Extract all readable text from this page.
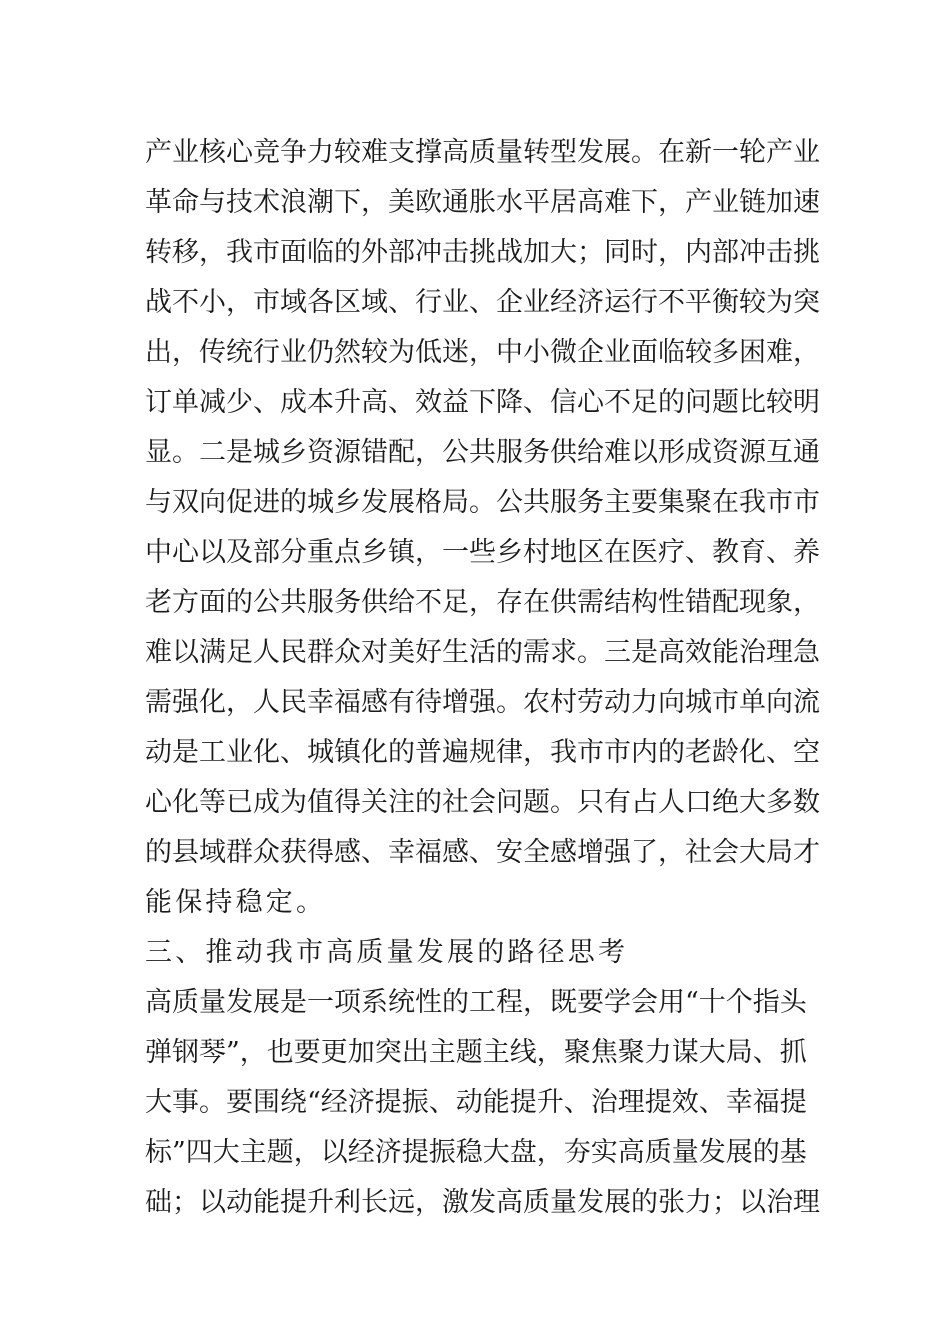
产业核心竞争力较难支撑高质量转型发展。在新一轮产业
革命与技术浪潮下，美欧通胀水平居高难下，产业链加速
转移，我市面临的外部冲击挑战加大；同时，内部冲击挑
战不小，市域各区域、行业、企业经济运行不平衡较为突
出，传统行业仍然较为低迷，中小微企业面临较多困难，
订单减少、成本升高、效益下降、信心不足的问题比较明
显。二是城乡资源错配，公共服务供给难以形成资源互通
与双向促进的城乡发展格局。公共服务主要集聚在我市市
中心以及部分重点乡镇，一些乡村地区在医疗、教育、养
老方面的公共服务供给不足，存在供需结构性错配现象，
难以满足人民群众对美好生活的需求。三是高效能治理急
需强化，人民幸福感有待增强。农村劳动力向城市单向流
动是工业化、城镇化的普遍规律，我市市内的老龄化、空
心化等已成为值得关注的社会问题。只有占人口绝大多数
的县域群众获得感、幸福感、安全感增强了，社会大局才
能保持稳定。
三、推动我市高质量发展的路径思考
高质量发展是一项系统性的工程，既要学会用“十个指头
弹钢琴”，也要更加突出主题主线，聚焦聚力谋大局、抓
大事。要围绕“经济提振、动能提升、治理提效、幸福提
标”四大主题，以经济提振稳大盘，夯实高质量发展的基
础；以动能提升利长远，激发高质量发展的张力；以治理
